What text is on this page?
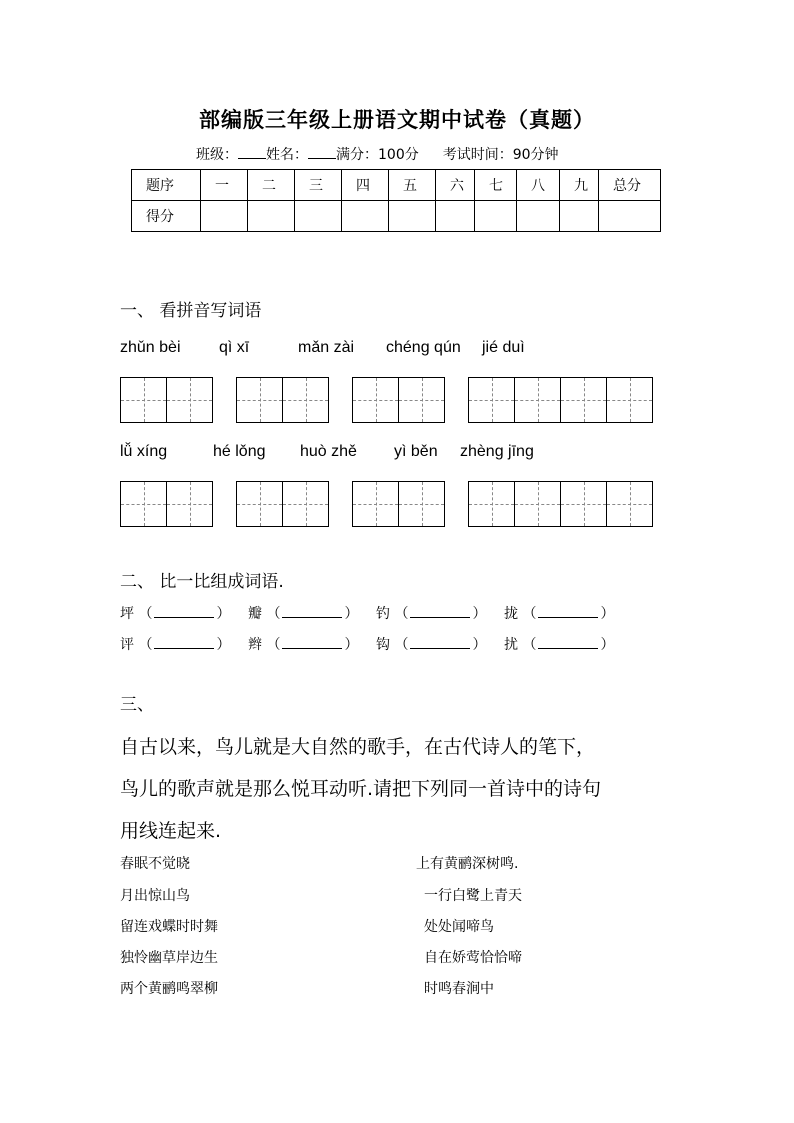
部编版三年级上册语文期中试卷（真题）
班级： 姓名： 满分：100分 考试时间：90分钟
题序	一	二	三	四	五	六	七	八	九	总分
得分										
一、 看拼音写词语
zhǔn bèi qì xī	mǎn zài chéng qún jié duì
lǚ xíng	hé lǒng huò zhě yì běn zhèng jīng
二、 比一比组成词语.
坪 （	） 瓣 （	） 钓 （	） 拢 （	）
评 （	） 辫 （	） 钩 （	） 扰 （	）
三、
自古以来，鸟儿就是大自然的歌手，在古代诗人的笔下，
鸟儿的歌声就是那么悦耳动听.请把下列同一首诗中的诗句
用线连起来.
春眠不觉晓
月出惊山鸟
留连戏蝶时时舞
独怜幽草岸边生
两个黄鹂鸣翠柳
上有黄鹂深树鸣.
一行白鹭上青天
处处闻啼鸟
自在娇莺恰恰啼
时鸣春涧中
